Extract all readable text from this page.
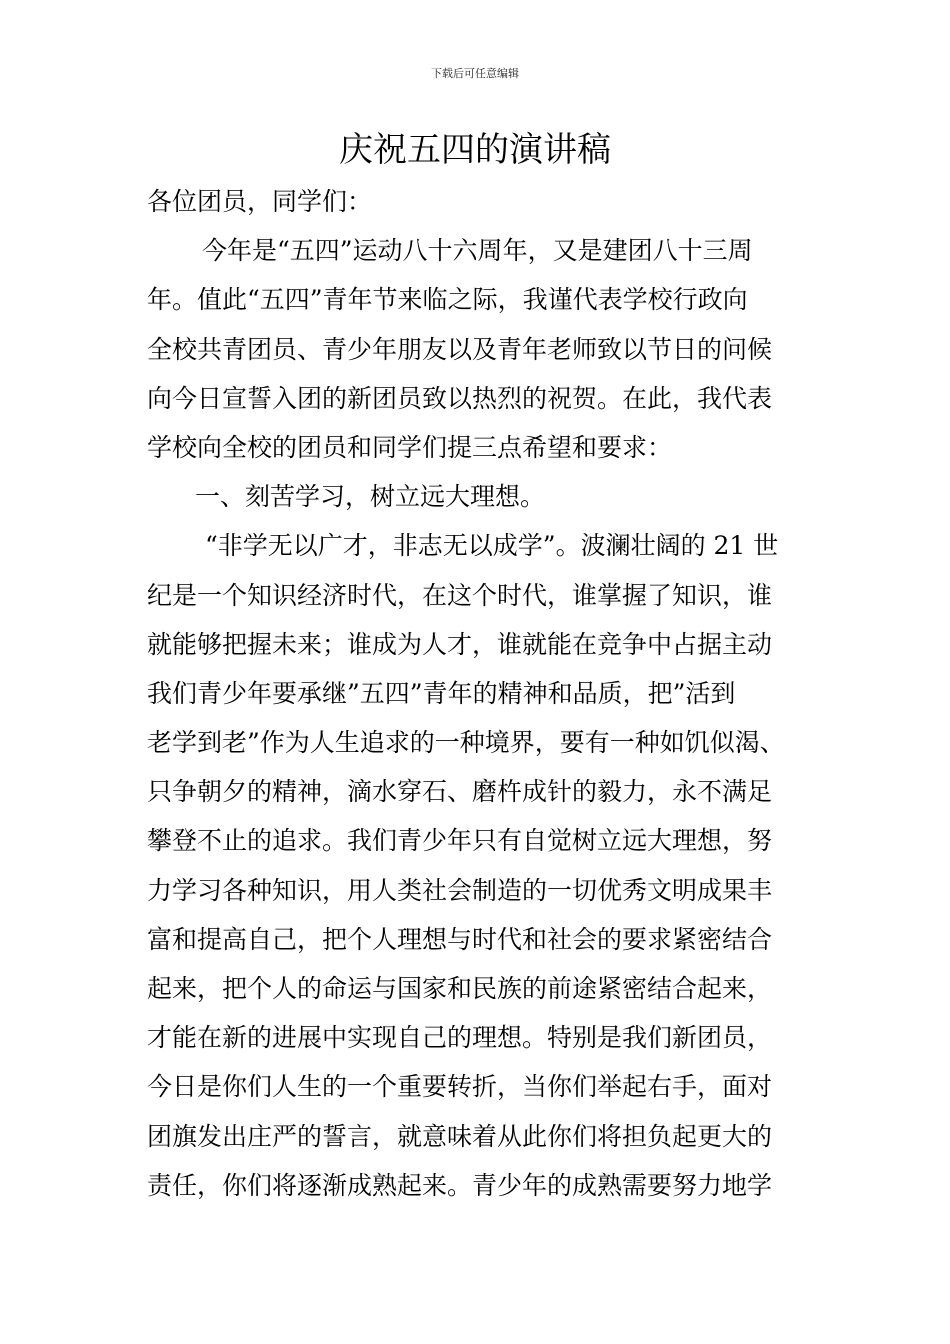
下载后可任意编辑
庆祝五四的演讲稿
各位团员，同学们：
今年是“五四”运动八十六周年，又是建团八十三周
年。值此“五四”青年节来临之际，我谨代表学校行政向
全校共青团员、青少年朋友以及青年老师致以节日的问候
向今日宣誓入团的新团员致以热烈的祝贺。在此，我代表
学校向全校的团员和同学们提三点希望和要求：
一、刻苦学习，树立远大理想。
“非学无以广才，非志无以成学”。波澜壮阔的 21 世
纪是一个知识经济时代，在这个时代，谁掌握了知识，谁
就能够把握未来；谁成为人才，谁就能在竞争中占据主动
我们青少年要承继”五四”青年的精神和品质，把”活到
老学到老”作为人生追求的一种境界，要有一种如饥似渴、
只争朝夕的精神，滴水穿石、磨杵成针的毅力，永不满足
攀登不止的追求。我们青少年只有自觉树立远大理想，努
力学习各种知识，用人类社会制造的一切优秀文明成果丰
富和提高自己，把个人理想与时代和社会的要求紧密结合
起来，把个人的命运与国家和民族的前途紧密结合起来，
才能在新的进展中实现自己的理想。特别是我们新团员，
今日是你们人生的一个重要转折，当你们举起右手，面对
团旗发出庄严的誓言，就意味着从此你们将担负起更大的
责任，你们将逐渐成熟起来。青少年的成熟需要努力地学
